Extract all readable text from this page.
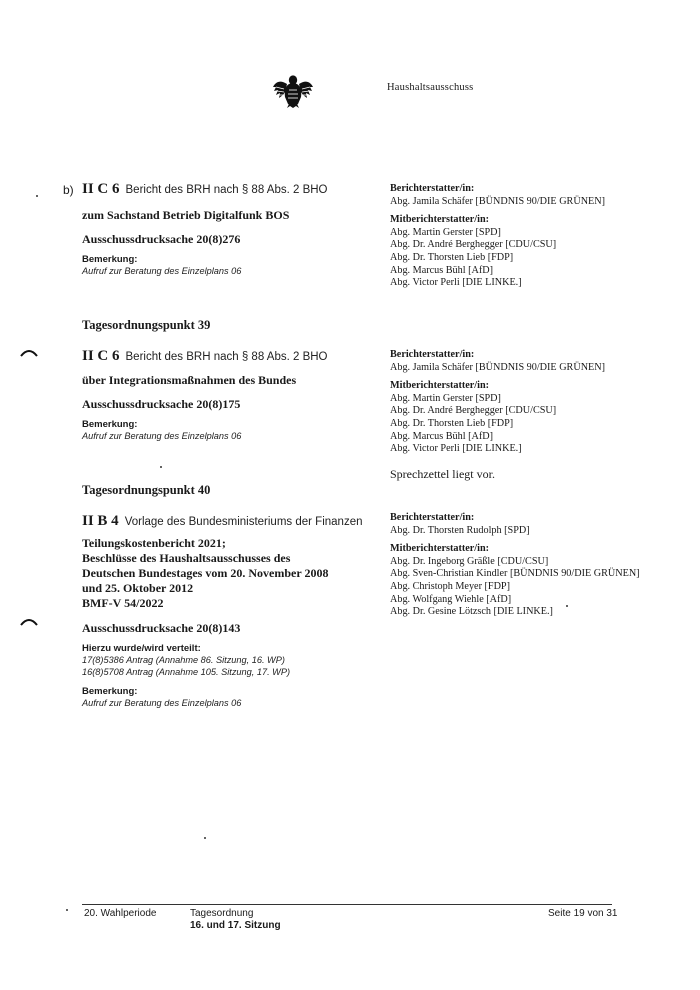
Haushaltsausschuss
b) II C 6 Bericht des BRH nach § 88 Abs. 2 BHO
zum Sachstand Betrieb Digitalfunk BOS
Ausschussdrucksache 20(8)276
Bemerkung:
Aufruf zur Beratung des Einzelplans 06
Berichterstatter/in:
Abg. Jamila Schäfer [BÜNDNIS 90/DIE GRÜNEN]
Mitberichterstatter/in:
Abg. Martin Gerster [SPD]
Abg. Dr. André Berghegger [CDU/CSU]
Abg. Dr. Thorsten Lieb [FDP]
Abg. Marcus Bühl [AfD]
Abg. Victor Perli [DIE LINKE.]
Tagesordnungspunkt 39
II C 6 Bericht des BRH nach § 88 Abs. 2 BHO
über Integrationsmaßnahmen des Bundes
Ausschussdrucksache 20(8)175
Bemerkung:
Aufruf zur Beratung des Einzelplans 06
Berichterstatter/in:
Abg. Jamila Schäfer [BÜNDNIS 90/DIE GRÜNEN]
Mitberichterstatter/in:
Abg. Martin Gerster [SPD]
Abg. Dr. André Berghegger [CDU/CSU]
Abg. Dr. Thorsten Lieb [FDP]
Abg. Marcus Bühl [AfD]
Abg. Victor Perli [DIE LINKE.]
Sprechzettel liegt vor.
Tagesordnungspunkt 40
II B 4 Vorlage des Bundesministeriums der Finanzen
Teilungskostenbericht 2021;
Beschlüsse des Haushaltsausschusses des
Deutschen Bundestages vom 20. November 2008
und 25. Oktober 2012
BMF-V 54/2022
Ausschussdrucksache 20(8)143
Hierzu wurde/wird verteilt:
17(8)5386 Antrag (Annahme 86. Sitzung, 16. WP)
16(8)5708 Antrag (Annahme 105. Sitzung, 17. WP)
Bemerkung:
Aufruf zur Beratung des Einzelplans 06
Berichterstatter/in:
Abg. Dr. Thorsten Rudolph [SPD]
Mitberichterstatter/in:
Abg. Dr. Ingeborg Gräßle [CDU/CSU]
Abg. Sven-Christian Kindler [BÜNDNIS 90/DIE GRÜNEN]
Abg. Christoph Meyer [FDP]
Abg. Wolfgang Wiehle [AfD]
Abg. Dr. Gesine Lötzsch [DIE LINKE.]
20. Wahlperiode	Tagesordnung
16. und 17. Sitzung
Seite 19 von 31
